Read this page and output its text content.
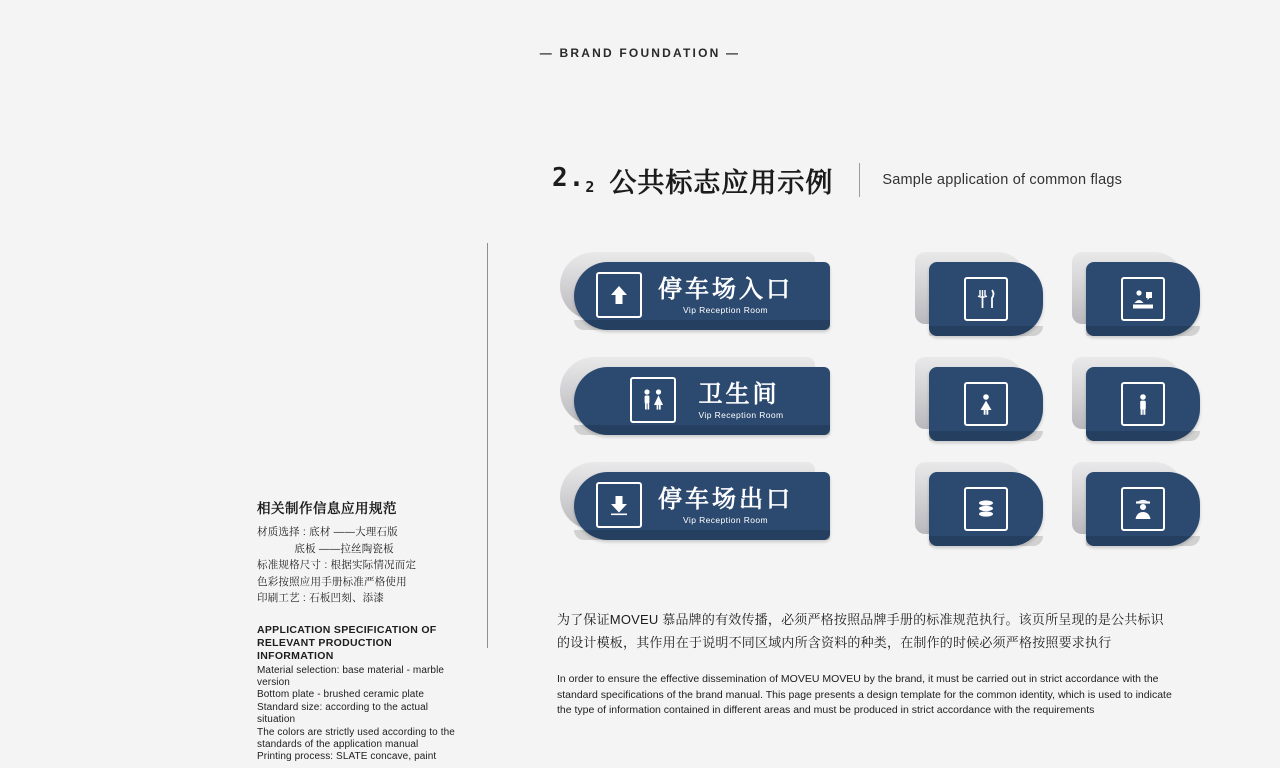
— BRAND FOUNDATION —
$2._2$ 公共标志应用示例	Sample application of common flags
相关制作信息应用规范
材质选择 : 底材 ——大理石版
底板 ——拉丝陶瓷板
标准规格尺寸 : 根据实际情况而定
色彩按照应用手册标准严格使用
印刷工艺 : 石板凹刻、添漆
APPLICATION SPECIFICATION OF
RELEVANT PRODUCTION INFORMATION
Material selection: base material - marble version
Bottom plate - brushed ceramic plate
Standard size: according to the actual situation
The colors are strictly used according to the
standards of the application manual
Printing process: SLATE concave, paint
停车场入口
Vip Reception Room
卫生间
Vip Reception Room
停车场出口
Vip Reception Room
为了保证MOVEU 慕品牌的有效传播，必须严格按照品牌手册的标准规范执行。该页所呈现的是公共标识的设计模板，其作用在于说明不同区域内所含资料的种类，在制作的时候必须严格按照要求执行
In order to ensure the effective dissemination of MOVEU MOVEU by the brand, it must be carried out in strict accordance with the standard specifications of the brand manual. This page presents a design template for the common identity, which is used to indicate the type of information contained in different areas and must be produced in strict accordance with the requirements
